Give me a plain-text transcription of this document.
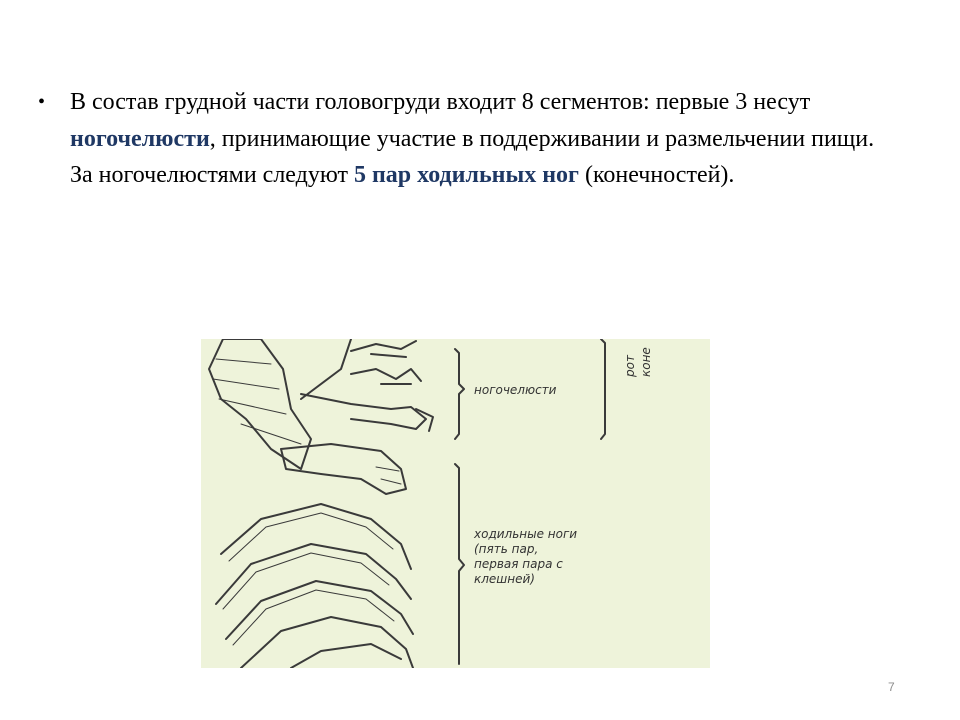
• В состав грудной части головогруди входит 8 сегментов: первые 3 несут ногочелюсти, принимающие участие в поддерживании и размельчении пищи. За ногочелюстями следуют 5 пар ходильных ног (конечностей).
ногочелюсти
ходильные ноги
(пять пар,
первая пара с
клешней)
рот коне
7
